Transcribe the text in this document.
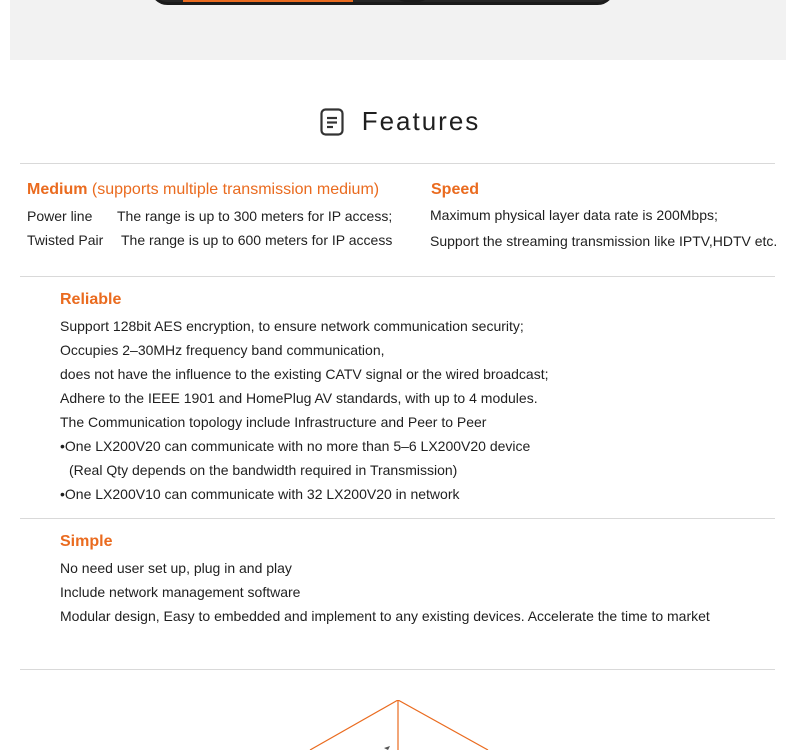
Features
Medium (supports multiple transmission medium)
Power line The range is up to 300 meters for IP access;
Twisted Pair The range is up to 600 meters for IP access
Speed
Maximum physical layer data rate is 200Mbps;
Support the streaming transmission like IPTV,HDTV etc.
Reliable
Support 128bit AES encryption, to ensure network communication security;
Occupies 2–30MHz frequency band communication,
does not have the influence to the existing CATV signal or the wired broadcast;
Adhere to the IEEE 1901 and HomePlug AV standards, with up to 4 modules.
The Communication topology include Infrastructure and Peer to Peer
•One LX200V20 can communicate with no more than 5–6 LX200V20 device
(Real Qty depends on the bandwidth required in Transmission)
•One LX200V10 can communicate with 32 LX200V20 in network
Simple
No need user set up, plug in and play
Include network management software
Modular design, Easy to embedded and implement to any existing devices. Accelerate the time to market
